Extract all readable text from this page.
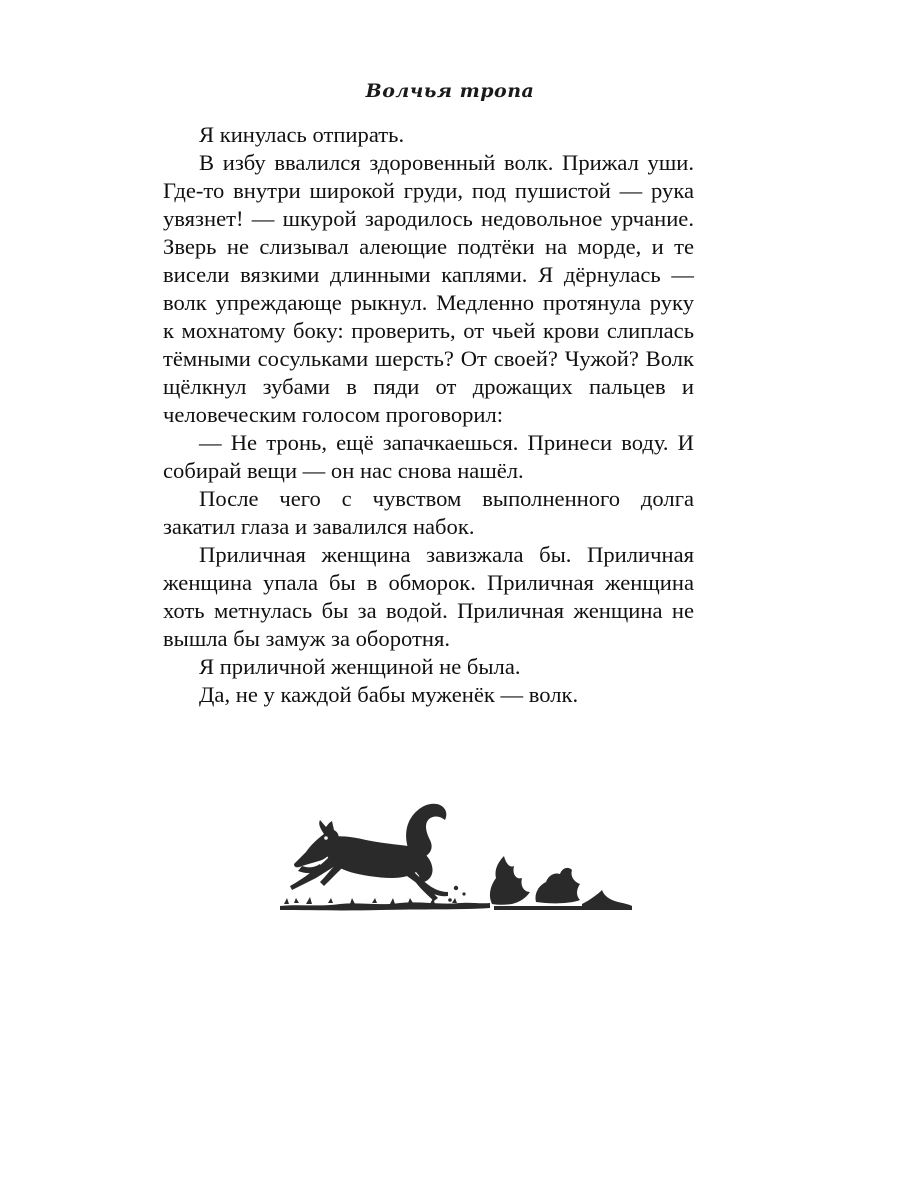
Волчья тропа

Я кинулась отпирать.

В избу ввалился здоровенный волк. Прижал уши. Где-то внутри широкой груди, под пушистой — рука увязнет! — шкурой зародилось недовольное урчание. Зверь не слизывал алеющие подтёки на морде, и те висели вязкими длинными каплями. Я дёрнулась — волк упреждающе рыкнул. Медленно протянула руку к мохнатому боку: проверить, от чьей крови слиплась тёмными сосульками шерсть? От своей? Чужой? Волк щёлкнул зубами в пяди от дрожащих пальцев и человеческим голосом проговорил:

— Не тронь, ещё запачкаешься. Принеси воду. И собирай вещи — он нас снова нашёл.

После чего с чувством выполненного долга закатил глаза и завалился набок.

Приличная женщина завизжала бы. Приличная женщина упала бы в обморок. Приличная женщина хоть метнулась бы за водой. Приличная женщина не вышла бы замуж за оборотня.

Я приличной женщиной не была.

Да, не у каждой бабы муженёк — волк.
